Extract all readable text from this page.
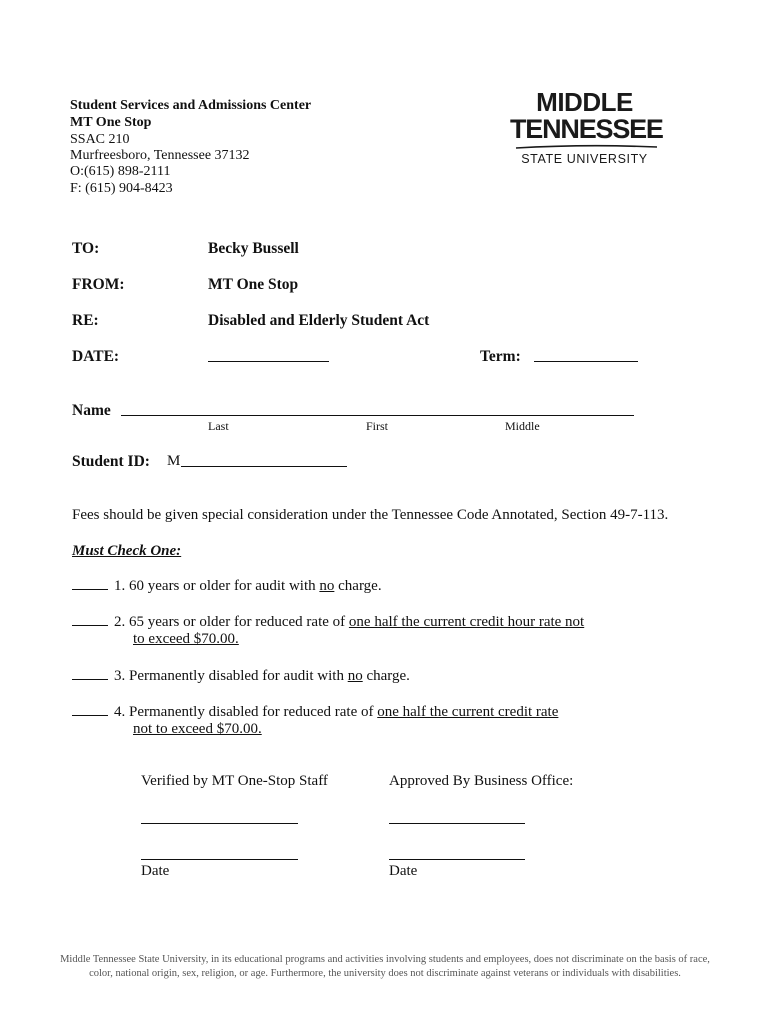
Student Services and Admissions Center
MT One Stop
SSAC 210
Murfreesboro, Tennessee 37132
O:(615) 898-2111
F: (615) 904-8423
MIDDLE
TENNESSEE
STATE UNIVERSITY
TO:	Becky Bussell
FROM:	MT One Stop
RE:	Disabled and Elderly Student Act
DATE:	Term:
Name
Last	First	Middle
Student ID: M
Fees should be given special consideration under the Tennessee Code Annotated, Section 49-7-113.
Must Check One:
1. 60 years or older for audit with no charge.
2. 65 years or older for reduced rate of one half the current credit hour rate not
to exceed $70.00.
3. Permanently disabled for audit with no charge.
4. Permanently disabled for reduced rate of one half the current credit rate
not to exceed $70.00.
Verified by MT One-Stop Staff	Approved By Business Office:
Date	Date
Middle Tennessee State University, in its educational programs and activities involving students and employees, does not discriminate on the basis of race,
color, national origin, sex, religion, or age. Furthermore, the university does not discriminate against veterans or individuals with disabilities.
